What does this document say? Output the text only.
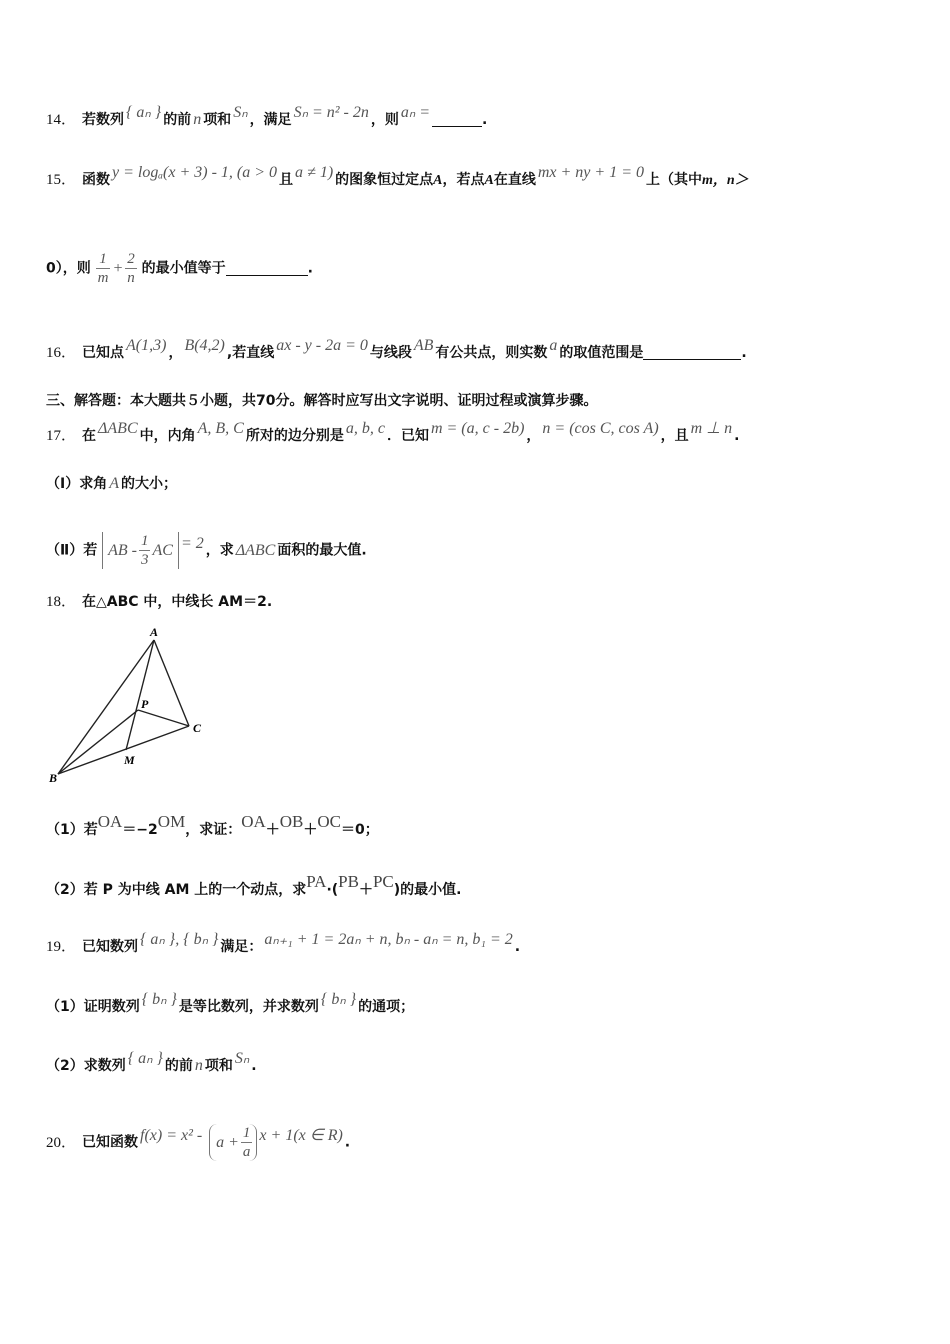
14． 若数列 { aₙ } 的前 n 项和 Sₙ ，满足 Sₙ = n² - 2n ，则 aₙ =	.
15． 函数 y = logₐ(x + 3) - 1, (a > 0 且 a ≠ 1) 的图象恒过定点A，若点A在直线 mx + ny + 1 = 0 上（其中m，n＞
0），则 $\frac{1}{m} + \frac{2}{n}$ 的最小值等于	.
16． 已知点 A(1,3) ， B(4,2) ,若直线 ax - y - 2a = 0 与线段 AB 有公共点，则实数 a 的取值范围是	.
三、解答题：本大题共５小题，共70分。解答时应写出文字说明、证明过程或演算步骤。
17． 在 ΔABC 中，内角 A, B, C 所对的边分别是 a, b, c ．已知 m = (a, c - 2b) ， n = (cos C, cos A) ，且 m ⊥ n .
（Ⅰ）求角 A 的大小；
（Ⅱ）若 AB - $\frac{1}{3}$ AC = 2 ，求 ΔABC 面积的最大值.
18． 在△ABC 中，中线长 AM＝2.
A
B
C
P
M
（1）若OA＝−2OM，求证：OA＋OB＋OC＝0；
（2）若 P 为中线 AM 上的一个动点，求PA·(PB＋PC)的最小值.
19． 已知数列 { aₙ }, { bₙ } 满足： aₙ₊₁ + 1 = 2aₙ + n, bₙ - aₙ = n, b₁ = 2 .
（1）证明数列 { bₙ } 是等比数列，并求数列 { bₙ } 的通项；
（2）求数列 { aₙ } 的前 n 项和 Sₙ .
20． 已知函数 $f(x) = x^2 - a + \frac{1}{a}$ x + 1(x ∈ R) .
